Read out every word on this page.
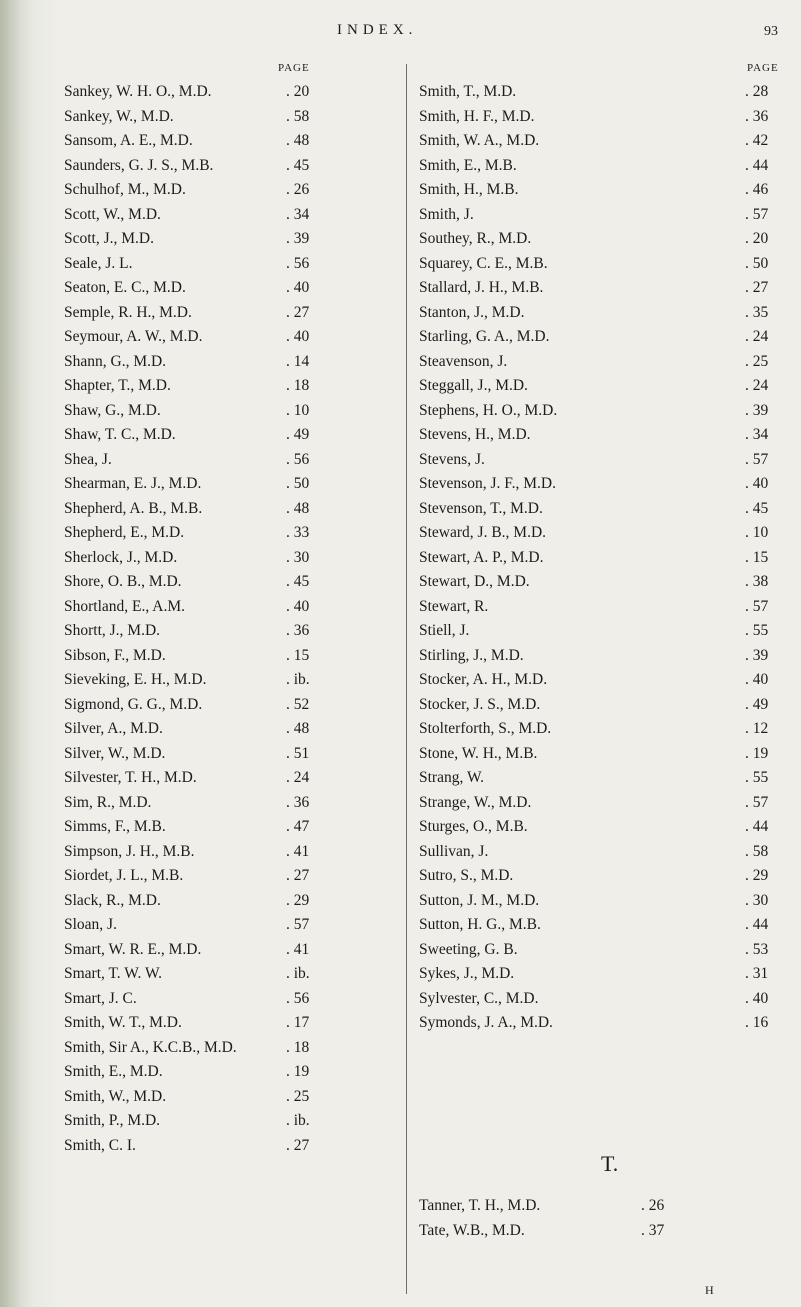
INDEX.	93
PAGE
Sankey, W. H. O., M.D.	. 20
Sankey, W., M.D.	. 58
Sansom, A. E., M.D.	. 48
Saunders, G. J. S., M.B.	. 45
Schulhof, M., M.D.	. 26
Scott, W., M.D.	. 34
Scott, J., M.D.	. 39
Seale, J. L.	. 56
Seaton, E. C., M.D.	. 40
Semple, R. H., M.D.	. 27
Seymour, A. W., M.D.	. 40
Shann, G., M.D.	. 14
Shapter, T., M.D.	. 18
Shaw, G., M.D.	. 10
Shaw, T. C., M.D.	. 49
Shea, J.	. 56
Shearman, E. J., M.D.	. 50
Shepherd, A. B., M.B.	. 48
Shepherd, E., M.D.	. 33
Sherlock, J., M.D.	. 30
Shore, O. B., M.D.	. 45
Shortland, E., A.M.	. 40
Shortt, J., M.D.	. 36
Sibson, F., M.D.	. 15
Sieveking, E. H., M.D.	. ib.
Sigmond, G. G., M.D.	. 52
Silver, A., M.D.	. 48
Silver, W., M.D.	. 51
Silvester, T. H., M.D.	. 24
Sim, R., M.D.	. 36
Simms, F., M.B.	. 47
Simpson, J. H., M.B.	. 41
Siordet, J. L., M.B.	. 27
Slack, R., M.D.	. 29
Sloan, J.	. 57
Smart, W. R. E., M.D.	. 41
Smart, T. W. W.	. ib.
Smart, J. C.	. 56
Smith, W. T., M.D.	. 17
Smith, Sir A., K.C.B., M.D.	. 18
Smith, E., M.D.	. 19
Smith, W., M.D.	. 25
Smith, P., M.D.	. ib.
Smith, C. I.	. 27
PAGE
Smith, T., M.D.	. 28
Smith, H. F., M.D.	. 36
Smith, W. A., M.D.	. 42
Smith, E., M.B.	. 44
Smith, H., M.B.	. 46
Smith, J.	. 57
Southey, R., M.D.	. 20
Squarey, C. E., M.B.	. 50
Stallard, J. H., M.B.	. 27
Stanton, J., M.D.	. 35
Starling, G. A., M.D.	. 24
Steavenson, J.	. 25
Steggall, J., M.D.	. 24
Stephens, H. O., M.D.	. 39
Stevens, H., M.D.	. 34
Stevens, J.	. 57
Stevenson, J. F., M.D.	. 40
Stevenson, T., M.D.	. 45
Steward, J. B., M.D.	. 10
Stewart, A. P., M.D.	. 15
Stewart, D., M.D.	. 38
Stewart, R.	. 57
Stiell, J.	. 55
Stirling, J., M.D.	. 39
Stocker, A. H., M.D.	. 40
Stocker, J. S., M.D.	. 49
Stolterforth, S., M.D.	. 12
Stone, W. H., M.B.	. 19
Strang, W.	. 55
Strange, W., M.D.	. 57
Sturges, O., M.B.	. 44
Sullivan, J.	. 58
Sutro, S., M.D.	. 29
Sutton, J. M., M.D.	. 30
Sutton, H. G., M.B.	. 44
Sweeting, G. B.	. 53
Sykes, J., M.D.	. 31
Sylvester, C., M.D.	. 40
Symonds, J. A., M.D.	. 16
T.
Tanner, T. H., M.D.	. 26
Tate, W.B., M.D.	. 37
H
